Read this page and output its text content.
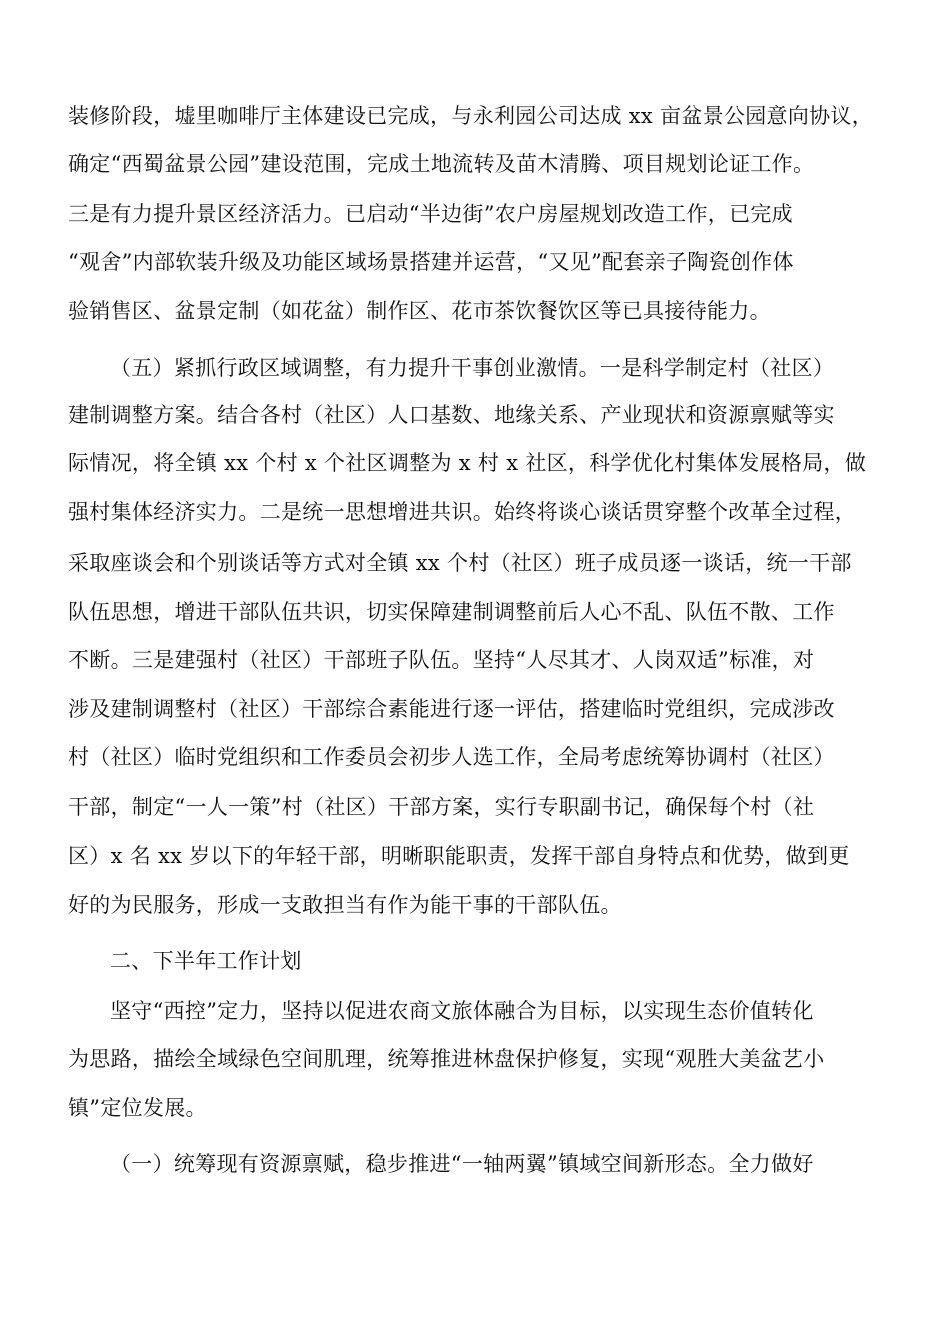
装修阶段，墟里咖啡厅主体建设已完成，与永利园公司达成 xx 亩盆景公园意向协议，
确定“西蜀盆景公园”建设范围，完成土地流转及苗木清腾、项目规划论证工作。
三是有力提升景区经济活力。已启动“半边街”农户房屋规划改造工作，已完成
“观舍”内部软装升级及功能区域场景搭建并运营，“又见”配套亲子陶瓷创作体
验销售区、盆景定制（如花盆）制作区、花市茶饮餐饮区等已具接待能力。
（五）紧抓行政区域调整，有力提升干事创业激情。一是科学制定村（社区）
建制调整方案。结合各村（社区）人口基数、地缘关系、产业现状和资源禀赋等实
际情况，将全镇 xx 个村 x 个社区调整为 x 村 x 社区，科学优化村集体发展格局，做
强村集体经济实力。二是统一思想增进共识。始终将谈心谈话贯穿整个改革全过程，
采取座谈会和个别谈话等方式对全镇 xx 个村（社区）班子成员逐一谈话，统一干部
队伍思想，增进干部队伍共识，切实保障建制调整前后人心不乱、队伍不散、工作
不断。三是建强村（社区）干部班子队伍。坚持“人尽其才、人岗双适”标准，对
涉及建制调整村（社区）干部综合素能进行逐一评估，搭建临时党组织，完成涉改
村（社区）临时党组织和工作委员会初步人选工作，全局考虑统筹协调村（社区）
干部，制定“一人一策”村（社区）干部方案，实行专职副书记，确保每个村（社
区）x 名 xx 岁以下的年轻干部，明晰职能职责，发挥干部自身特点和优势，做到更
好的为民服务，形成一支敢担当有作为能干事的干部队伍。
二、下半年工作计划
坚守“西控”定力，坚持以促进农商文旅体融合为目标，以实现生态价值转化
为思路，描绘全域绿色空间肌理，统筹推进林盘保护修复，实现“观胜大美盆艺小
镇”定位发展。
（一）统筹现有资源禀赋，稳步推进“一轴两翼”镇域空间新形态。全力做好
